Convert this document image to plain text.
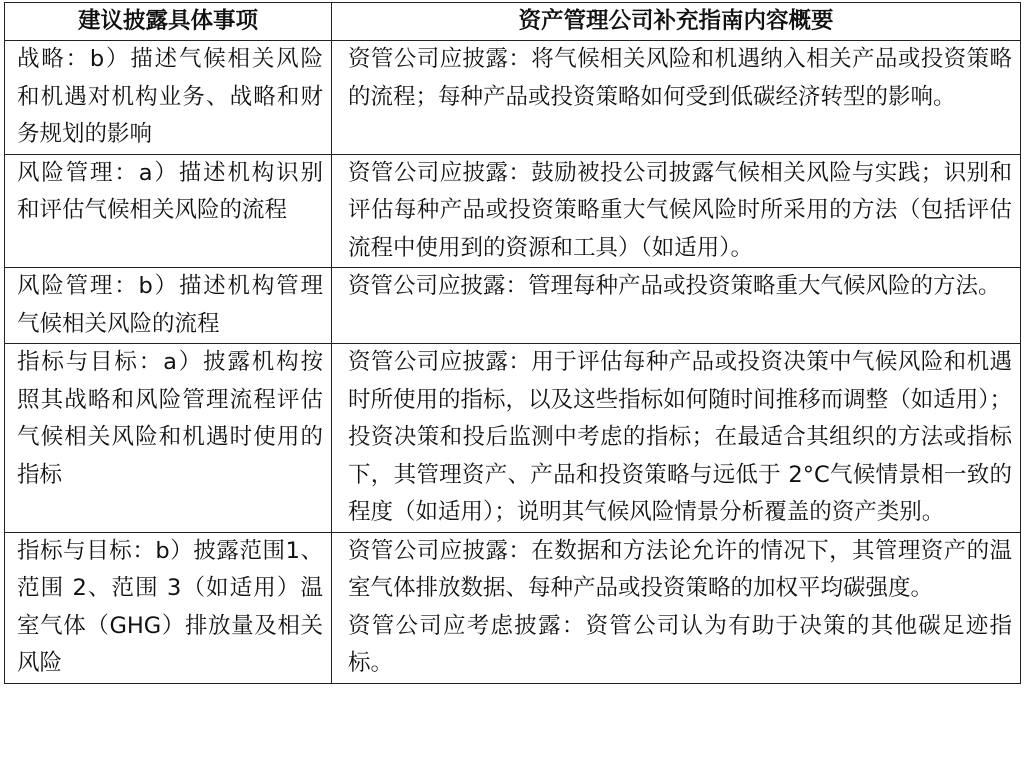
建议披露具体事项	资产管理公司补充指南内容概要
战略：b）描述气候相关风险和机遇对机构业务、战略和财务规划的影响	资管公司应披露：将气候相关风险和机遇纳入相关产品或投资策略的流程；每种产品或投资策略如何受到低碳经济转型的影响。

风险管理：a）描述机构识别和评估气候相关风险的流程	资管公司应披露：鼓励被投公司披露气候相关风险与实践；识别和评估每种产品或投资策略重大气候风险时所采用的方法（包括评估流程中使用到的资源和工具）（如适用）。

风险管理：b）描述机构管理气候相关风险的流程	资管公司应披露：管理每种产品或投资策略重大气候风险的方法。

指标与目标：a）披露机构按照其战略和风险管理流程评估气候相关风险和机遇时使用的指标	资管公司应披露：用于评估每种产品或投资决策中气候风险和机遇时所使用的指标，以及这些指标如何随时间推移而调整（如适用）；投资决策和投后监测中考虑的指标；在最适合其组织的方法或指标下，其管理资产、产品和投资策略与远低于 2°C气候情景相一致的程度（如适用）；说明其气候风险情景分析覆盖的资产类别。

指标与目标：b）披露范围1、范围 2、范围 3（如适用）温室气体（GHG）排放量及相关风险	资管公司应披露：在数据和方法论允许的情况下，其管理资产的温室气体排放数据、每种产品或投资策略的加权平均碳强度。
资管公司应考虑披露：资管公司认为有助于决策的其他碳足迹指标。
